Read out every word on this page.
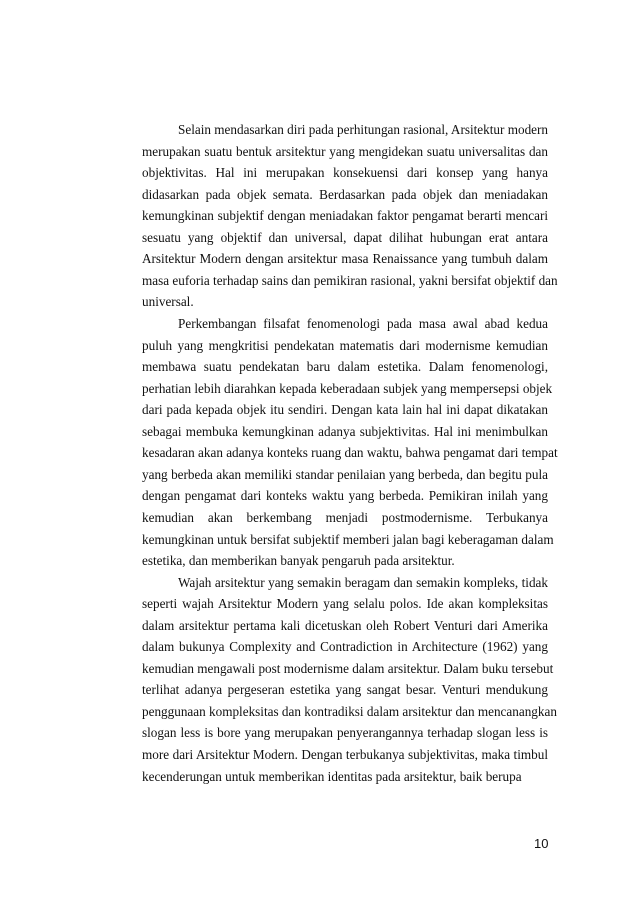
Selain mendasarkan diri pada perhitungan rasional, Arsitektur modern
merupakan suatu bentuk arsitektur yang mengidekan suatu universalitas dan
objektivitas. Hal ini merupakan konsekuensi dari konsep yang hanya
didasarkan pada objek semata. Berdasarkan pada objek dan meniadakan
kemungkinan subjektif dengan meniadakan faktor pengamat berarti mencari
sesuatu yang objektif dan universal, dapat dilihat hubungan erat antara
Arsitektur Modern dengan arsitektur masa Renaissance yang tumbuh dalam
masa euforia terhadap sains dan pemikiran rasional, yakni bersifat objektif dan
universal.
Perkembangan filsafat fenomenologi pada masa awal abad kedua
puluh yang mengkritisi pendekatan matematis dari modernisme kemudian
membawa suatu pendekatan baru dalam estetika. Dalam fenomenologi,
perhatian lebih diarahkan kepada keberadaan subjek yang mempersepsi objek
dari pada kepada objek itu sendiri. Dengan kata lain hal ini dapat dikatakan
sebagai membuka kemungkinan adanya subjektivitas. Hal ini menimbulkan
kesadaran akan adanya konteks ruang dan waktu, bahwa pengamat dari tempat
yang berbeda akan memiliki standar penilaian yang berbeda, dan begitu pula
dengan pengamat dari konteks waktu yang berbeda. Pemikiran inilah yang
kemudian akan berkembang menjadi postmodernisme. Terbukanya
kemungkinan untuk bersifat subjektif memberi jalan bagi keberagaman dalam
estetika, dan memberikan banyak pengaruh pada arsitektur.
Wajah arsitektur yang semakin beragam dan semakin kompleks, tidak
seperti wajah Arsitektur Modern yang selalu polos. Ide akan kompleksitas
dalam arsitektur pertama kali dicetuskan oleh Robert Venturi dari Amerika
dalam bukunya Complexity and Contradiction in Architecture (1962) yang
kemudian mengawali post modernisme dalam arsitektur. Dalam buku tersebut
terlihat adanya pergeseran estetika yang sangat besar. Venturi mendukung
penggunaan kompleksitas dan kontradiksi dalam arsitektur dan mencanangkan
slogan less is bore yang merupakan penyerangannya terhadap slogan less is
more dari Arsitektur Modern. Dengan terbukanya subjektivitas, maka timbul
kecenderungan untuk memberikan identitas pada arsitektur, baik berupa
10
